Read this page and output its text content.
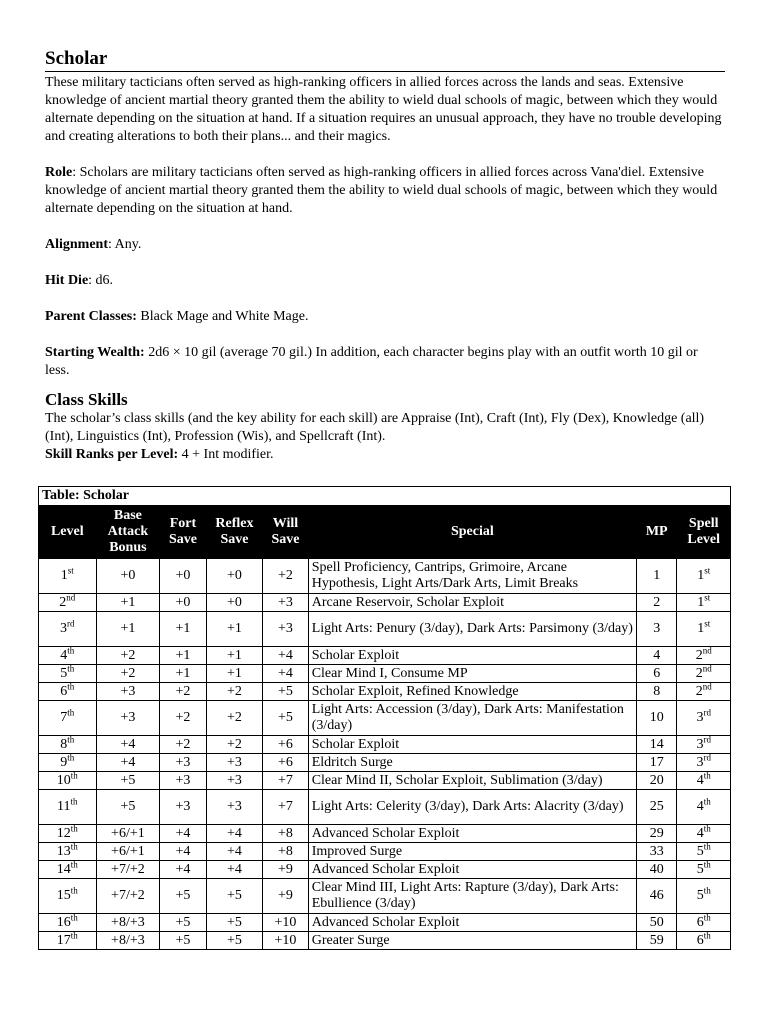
Scholar

These military tacticians often served as high-ranking officers in allied forces across the lands and seas. Extensive knowledge of ancient martial theory granted them the ability to wield dual schools of magic, between which they would alternate depending on the situation at hand. If a situation requires an unusual approach, they have no trouble developing and creating alterations to both their plans... and their magics.

Role: Scholars are military tacticians often served as high-ranking officers in allied forces across Vana'diel. Extensive knowledge of ancient martial theory granted them the ability to wield dual schools of magic, between which they would alternate depending on the situation at hand.

Alignment: Any.

Hit Die: d6.

Parent Classes: Black Mage and White Mage.

Starting Wealth: 2d6 × 10 gil (average 70 gil.) In addition, each character begins play with an outfit worth 10 gil or less.

Class Skills

The scholar’s class skills (and the key ability for each skill) are Appraise (Int), Craft (Int), Fly (Dex), Knowledge (all) (Int), Linguistics (Int), Profession (Wis), and Spellcraft (Int).

Skill Ranks per Level: 4 + Int modifier.

Table: Scholar							
Level	Base
Attack
Bonus	Fort
Save	Reflex
Save	Will
Save	Special	MP	Spell
Level
1st	+0	+0	+0	+2	Spell Proficiency, Cantrips, Grimoire, Arcane Hypothesis, Light Arts/Dark Arts, Limit Breaks	1	1st
2nd	+1	+0	+0	+3	Arcane Reservoir, Scholar Exploit	2	1st
3rd	+1	+1	+1	+3	Light Arts: Penury (3/day), Dark Arts: Parsimony (3/day)	3	1st
4th	+2	+1	+1	+4	Scholar Exploit	4	2nd
5th	+2	+1	+1	+4	Clear Mind I, Consume MP	6	2nd
6th	+3	+2	+2	+5	Scholar Exploit, Refined Knowledge	8	2nd
7th	+3	+2	+2	+5	Light Arts: Accession (3/day), Dark Arts: Manifestation (3/day)	10	3rd
8th	+4	+2	+2	+6	Scholar Exploit	14	3rd
9th	+4	+3	+3	+6	Eldritch Surge	17	3rd
10th	+5	+3	+3	+7	Clear Mind II, Scholar Exploit, Sublimation (3/day)	20	4th
11th	+5	+3	+3	+7	Light Arts: Celerity (3/day), Dark Arts: Alacrity (3/day)	25	4th
12th	+6/+1	+4	+4	+8	Advanced Scholar Exploit	29	4th
13th	+6/+1	+4	+4	+8	Improved Surge	33	5th
14th	+7/+2	+4	+4	+9	Advanced Scholar Exploit	40	5th
15th	+7/+2	+5	+5	+9	Clear Mind III, Light Arts: Rapture (3/day), Dark Arts: Ebullience (3/day)	46	5th
16th	+8/+3	+5	+5	+10	Advanced Scholar Exploit	50	6th
17th	+8/+3	+5	+5	+10	Greater Surge	59	6th
